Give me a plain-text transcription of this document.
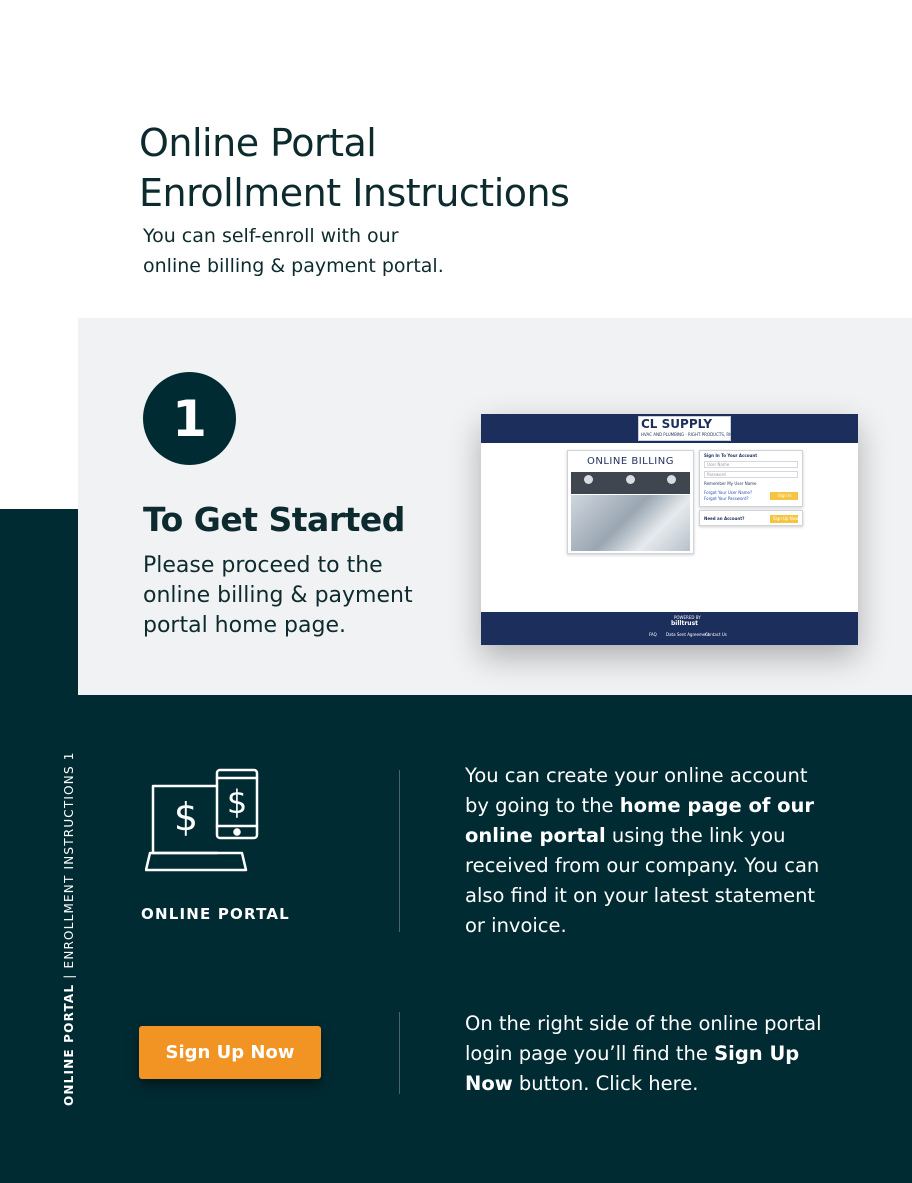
Online Portal
Enrollment Instructions

You can self-enroll with our
online billing & payment portal.

1
To Get Started

Please proceed to the
online billing & payment
portal home page.

CL SUPPLY
HVAC AND PLUMBING · RIGHT PRODUCTS, RIGHT NOW
ONLINE BILLING
Sign In To Your Account
User Name
Password
Remember My User Name
Forgot Your User Name?
Forgot Your Password?
Sign In
Need an Account?	Sign Up Now
POWERED BY
billtrust
FAQ Data Sent Agreement
Contact Us
ONLINE PORTAL | ENROLLMENT INSTRUCTIONS 1	$ $
ONLINE PORTAL

You can create your online account
by going to the home page of our
online portal using the link you
received from our company. You can
also find it on your latest statement
or invoice.

Sign Up Now

On the right side of the online portal
login page you’ll find the Sign Up
Now button. Click here.
